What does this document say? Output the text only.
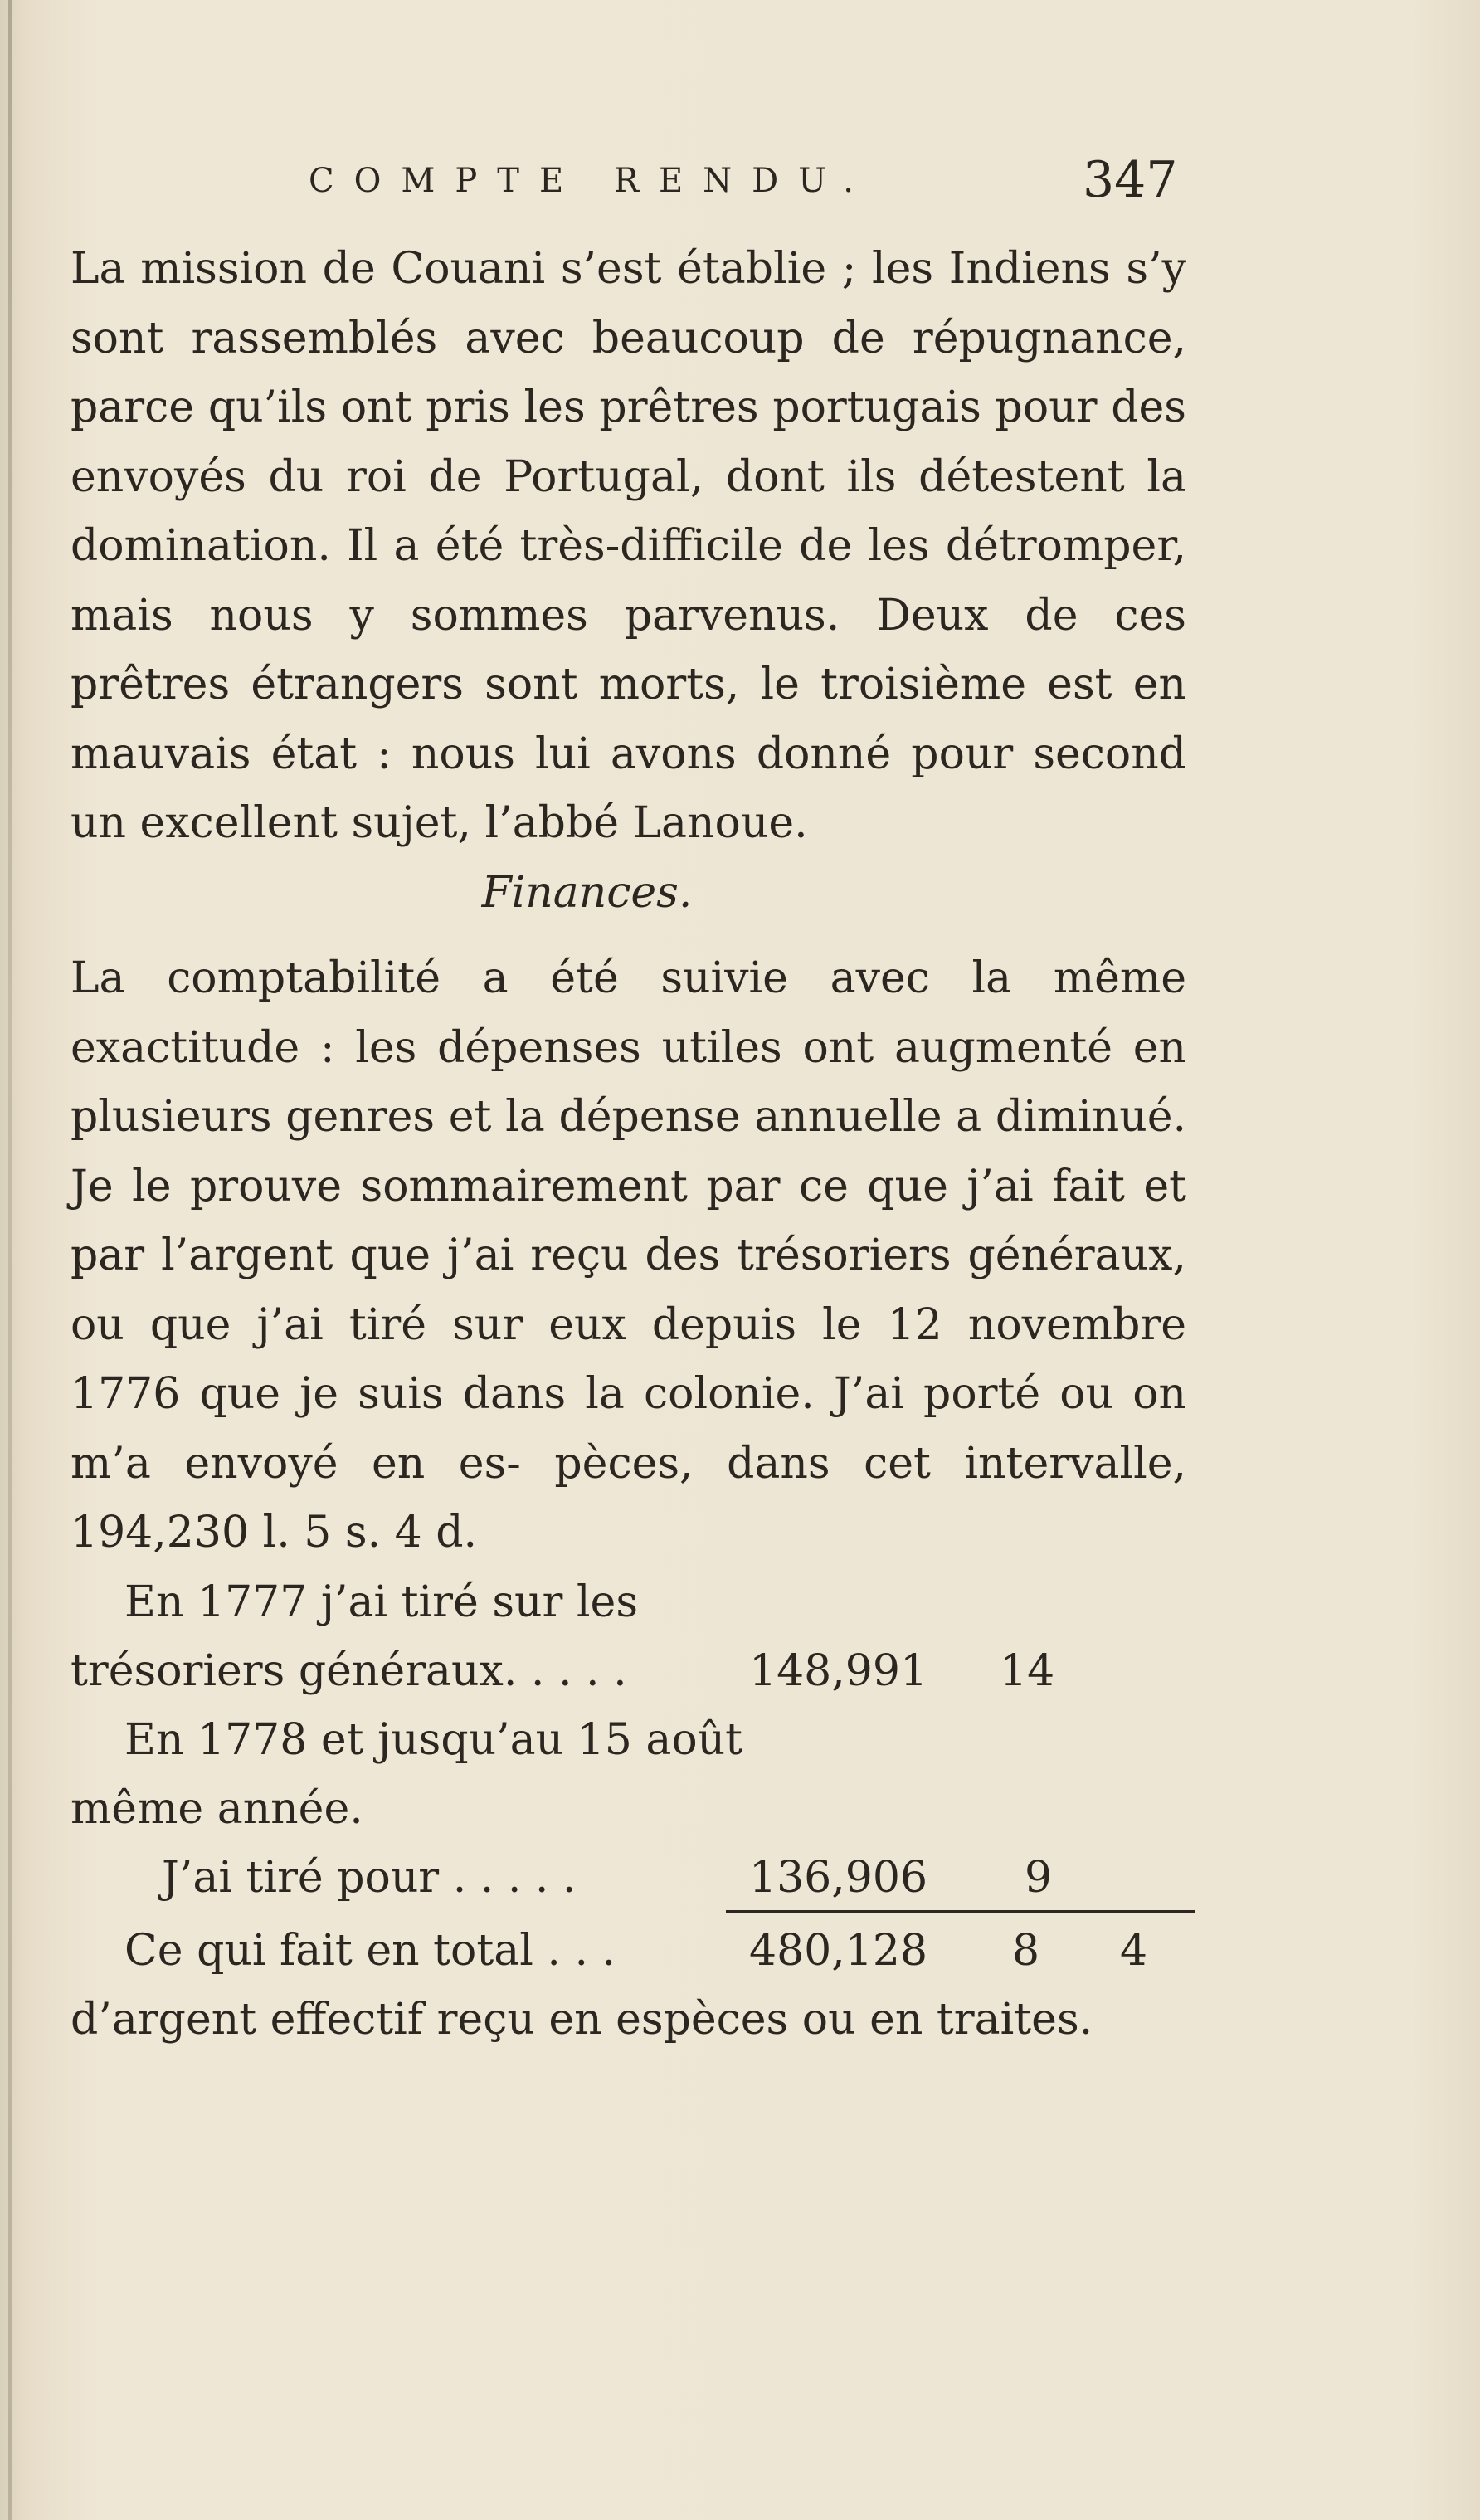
COMPTE RENDU.	347

La mission de Couani s’est établie ; les Indiens s’y sont rassemblés avec beaucoup de répugnance, parce qu’ils ont pris les prêtres portugais pour des envoyés du roi de Portugal, dont ils détestent la domination. Il a été très-difficile de les détromper, mais nous y sommes parvenus. Deux de ces prêtres étrangers sont morts, le troisième est en mauvais état : nous lui avons donné pour second un excellent sujet, l’abbé Lanoue.

Finances.

La comptabilité a été suivie avec la même exactitude : les dépenses utiles ont augmenté en plusieurs genres et la dépense annuelle a diminué. Je le prouve sommairement par ce que j’ai fait et par l’argent que j’ai reçu des trésoriers généraux, ou que j’ai tiré sur eux depuis le 12 novembre 1776 que je suis dans la colonie. J’ai porté ou on m’a envoyé en es- pèces, dans cet intervalle, 194,230 l. 5 s. 4 d.

En 1777 j’ai tiré sur les
trésoriers généraux. . . . .	148,991 14
En 1778 et jusqu’au 15 août
même année.
J’ai tiré pour . . . . .	136,906 9
Ce qui fait en total . . .	480,128 8 4
d’argent effectif reçu en espèces ou en traites.
